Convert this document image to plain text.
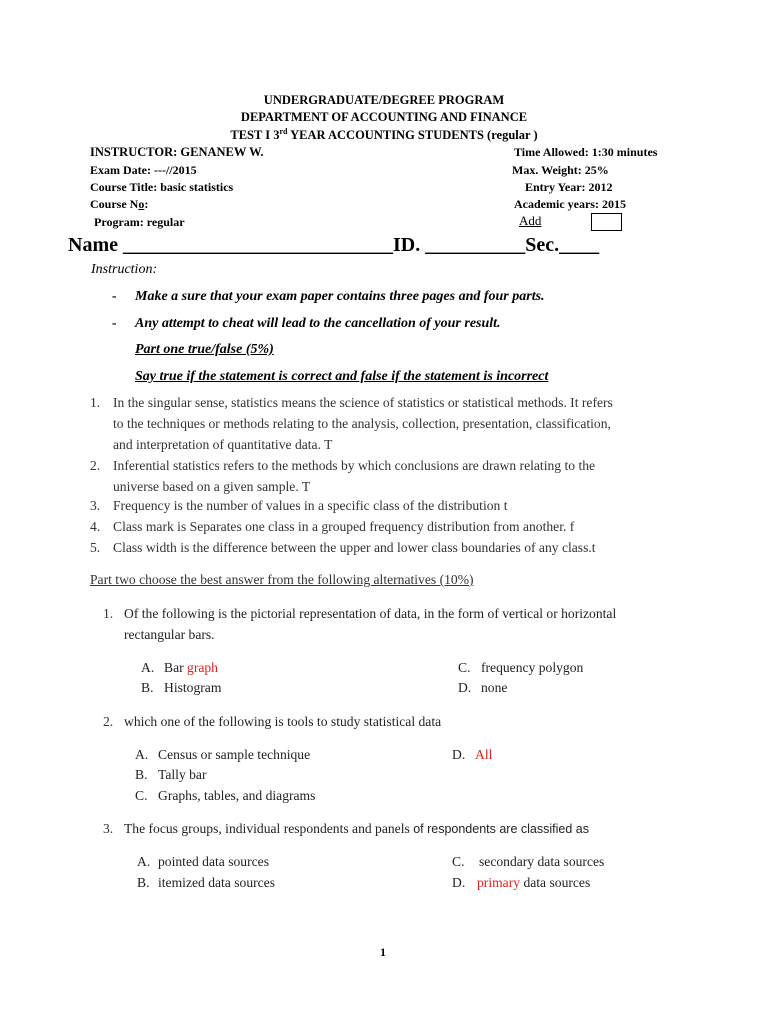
UNDERGRADUATE/DEGREE PROGRAM
DEPARTMENT OF ACCOUNTING AND FINANCE
TEST I 3rd YEAR ACCOUNTING STUDENTS (regular )
INSTRUCTOR: GENANEW W.
Exam Date: ---//2015
Course Title: basic statistics
Course No:
Program: regular
Time Allowed: 1:30 minutes
Max. Weight: 25%
Entry Year: 2012
Academic years: 2015
Add
Name ___________________________ID. __________Sec.____
Instruction:
- Make a sure that your exam paper contains three pages and four parts.
- Any attempt to cheat will lead to the cancellation of your result.
Part one true/false (5%)
Say true if the statement is correct and false if the statement is incorrect
1. In the singular sense, statistics means the science of statistics or statistical methods. It refers
to the techniques or methods relating to the analysis, collection, presentation, classification,
and interpretation of quantitative data. T
2. Inferential statistics refers to the methods by which conclusions are drawn relating to the
universe based on a given sample. T
3. Frequency is the number of values in a specific class of the distribution t
4. Class mark is Separates one class in a grouped frequency distribution from another. f
5. Class width is the difference between the upper and lower class boundaries of any class.t
Part two choose the best answer from the following alternatives (10%)
1. Of the following is the pictorial representation of data, in the form of vertical or horizontal
rectangular bars.
A. Bar graph
B. Histogram
C. frequency polygon
D. none
2. which one of the following is tools to study statistical data
A. Census or sample technique
B. Tally bar
C. Graphs, tables, and diagrams
D. All
3. The focus groups, individual respondents and panels of respondents are classified as
A. pointed data sources
B. itemized data sources
C. secondary data sources
D. primary data sources
1
